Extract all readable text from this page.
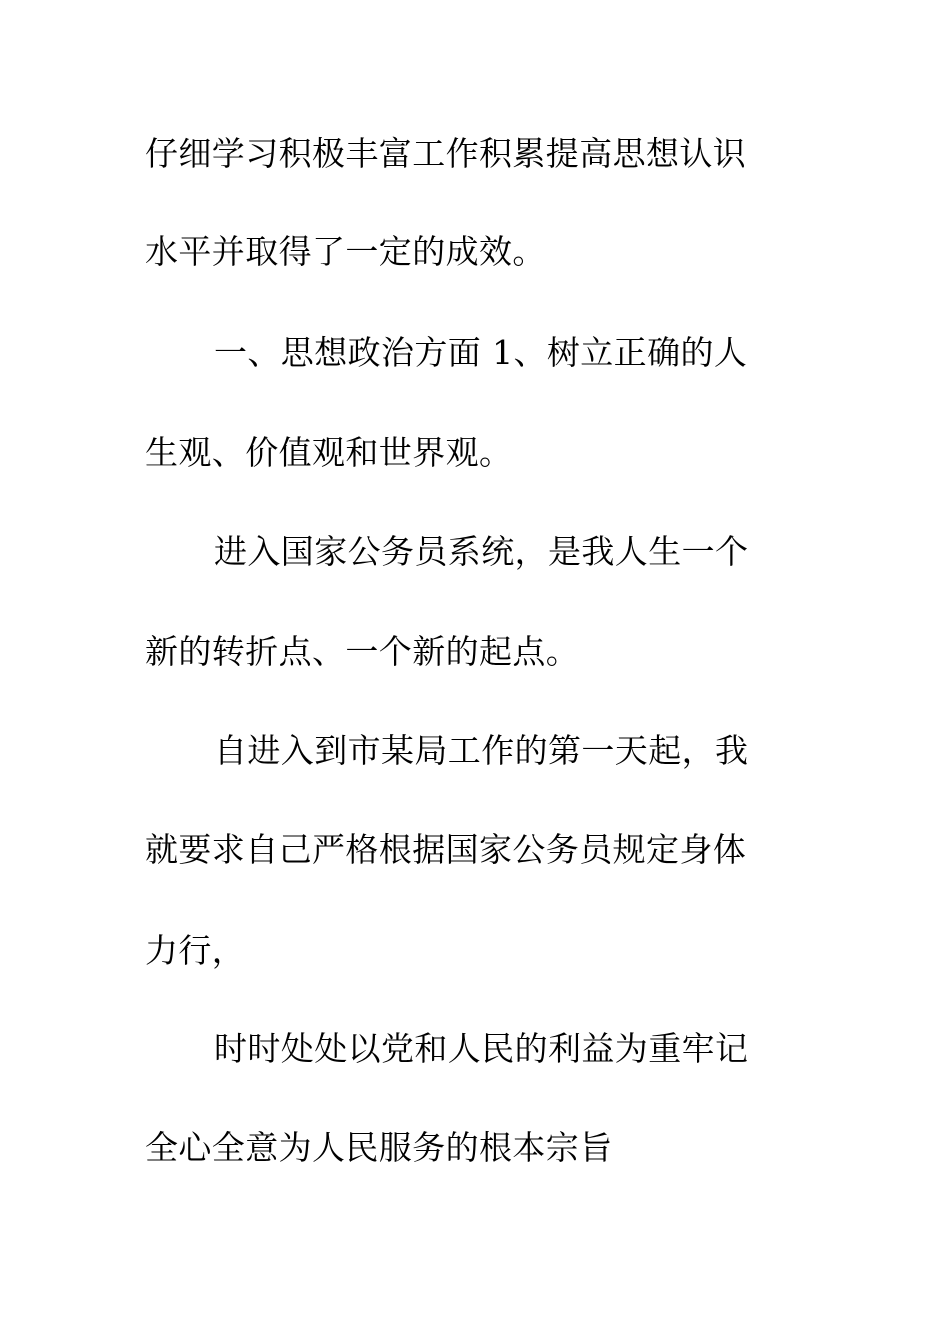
仔细学习积极丰富工作积累提高思想认识
水平并取得了一定的成效。
一、思想政治方面 1、树立正确的人
生观、价值观和世界观。
进入国家公务员系统，是我人生一个
新的转折点、一个新的起点。
自进入到市某局工作的第一天起，我
就要求自己严格根据国家公务员规定身体
力行，
时时处处以党和人民的利益为重牢记
全心全意为人民服务的根本宗旨
